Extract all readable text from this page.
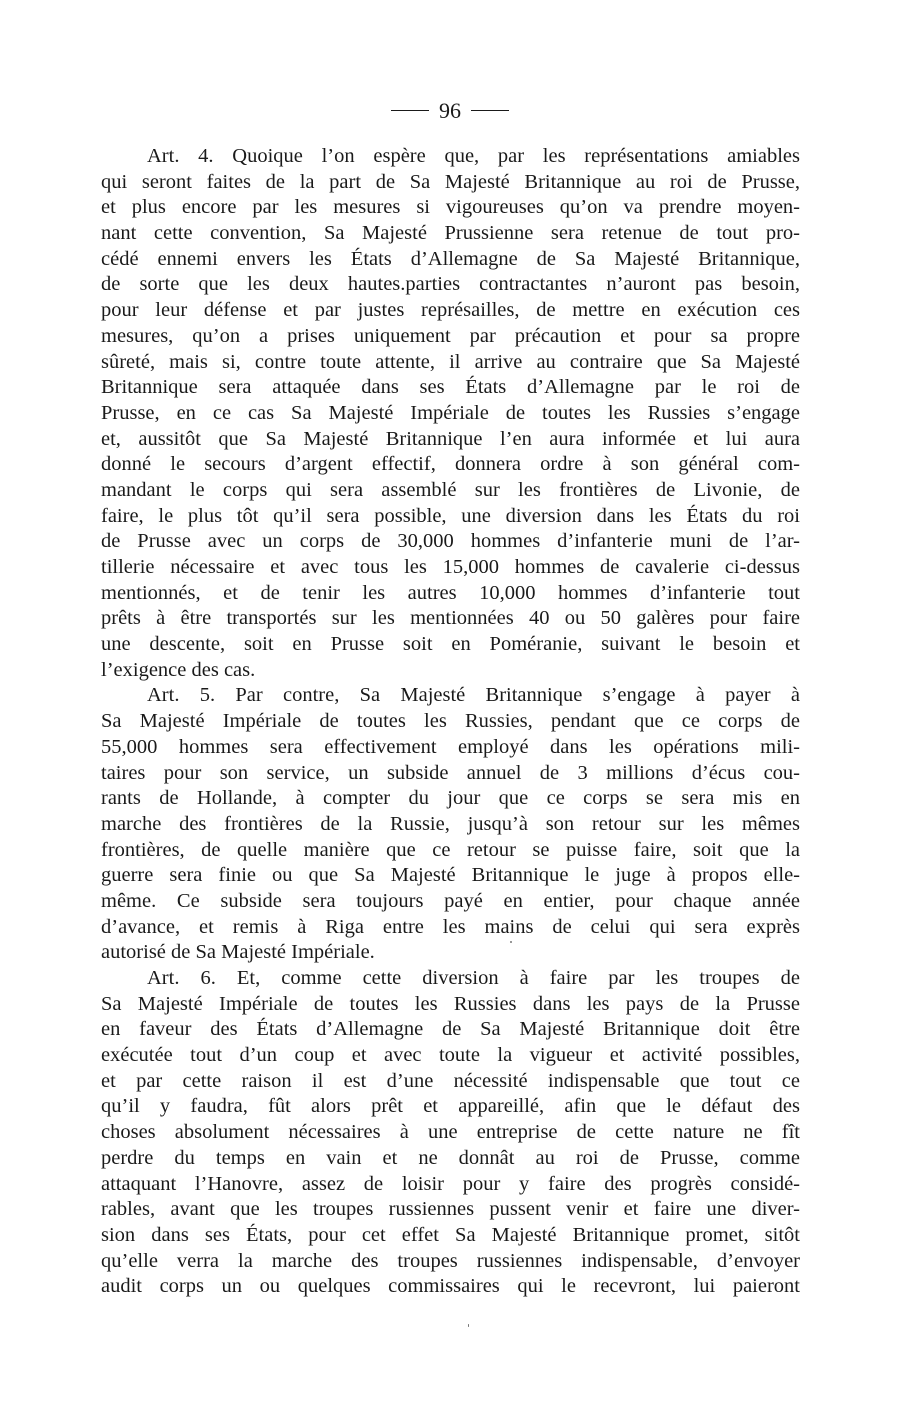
96
Art. 4. Quoique l’on espère que, par les représentations amiables
qui seront faites de la part de Sa Majesté Britannique au roi de Prusse,
et plus encore par les mesures si vigoureuses qu’on va prendre moyen-
nant cette convention, Sa Majesté Prussienne sera retenue de tout pro-
cédé ennemi envers les États d’Allemagne de Sa Majesté Britannique,
de sorte que les deux hautes.parties contractantes n’auront pas besoin,
pour leur défense et par justes représailles, de mettre en exécution ces
mesures, qu’on a prises uniquement par précaution et pour sa propre
sûreté, mais si, contre toute attente, il arrive au contraire que Sa Majesté
Britannique sera attaquée dans ses États d’Allemagne par le roi de
Prusse, en ce cas Sa Majesté Impériale de toutes les Russies s’engage
et, aussitôt que Sa Majesté Britannique l’en aura informée et lui aura
donné le secours d’argent effectif, donnera ordre à son général com-
mandant le corps qui sera assemblé sur les frontières de Livonie, de
faire, le plus tôt qu’il sera possible, une diversion dans les États du roi
de Prusse avec un corps de 30,000 hommes d’infanterie muni de l’ar-
tillerie nécessaire et avec tous les 15,000 hommes de cavalerie ci-dessus
mentionnés, et de tenir les autres 10,000 hommes d’infanterie tout
prêts à être transportés sur les mentionnées 40 ou 50 galères pour faire
une descente, soit en Prusse soit en Poméranie, suivant le besoin et
l’exigence des cas.
Art. 5. Par contre, Sa Majesté Britannique s’engage à payer à
Sa Majesté Impériale de toutes les Russies, pendant que ce corps de
55,000 hommes sera effectivement employé dans les opérations mili-
taires pour son service, un subside annuel de 3 millions d’écus cou-
rants de Hollande, à compter du jour que ce corps se sera mis en
marche des frontières de la Russie, jusqu’à son retour sur les mêmes
frontières, de quelle manière que ce retour se puisse faire, soit que la
guerre sera finie ou que Sa Majesté Britannique le juge à propos elle-
même. Ce subside sera toujours payé en entier, pour chaque année
d’avance, et remis à Riga entre les mains de celui qui sera exprès
autorisé de Sa Majesté Impériale.
Art. 6. Et, comme cette diversion à faire par les troupes de
Sa Majesté Impériale de toutes les Russies dans les pays de la Prusse
en faveur des États d’Allemagne de Sa Majesté Britannique doit être
exécutée tout d’un coup et avec toute la vigueur et activité possibles,
et par cette raison il est d’une nécessité indispensable que tout ce
qu’il y faudra, fût alors prêt et appareillé, afin que le défaut des
choses absolument nécessaires à une entreprise de cette nature ne fît
perdre du temps en vain et ne donnât au roi de Prusse, comme
attaquant l’Hanovre, assez de loisir pour y faire des progrès considé-
rables, avant que les troupes russiennes pussent venir et faire une diver-
sion dans ses États, pour cet effet Sa Majesté Britannique promet, sitôt
qu’elle verra la marche des troupes russiennes indispensable, d’envoyer
audit corps un ou quelques commissaires qui le recevront, lui paieront
